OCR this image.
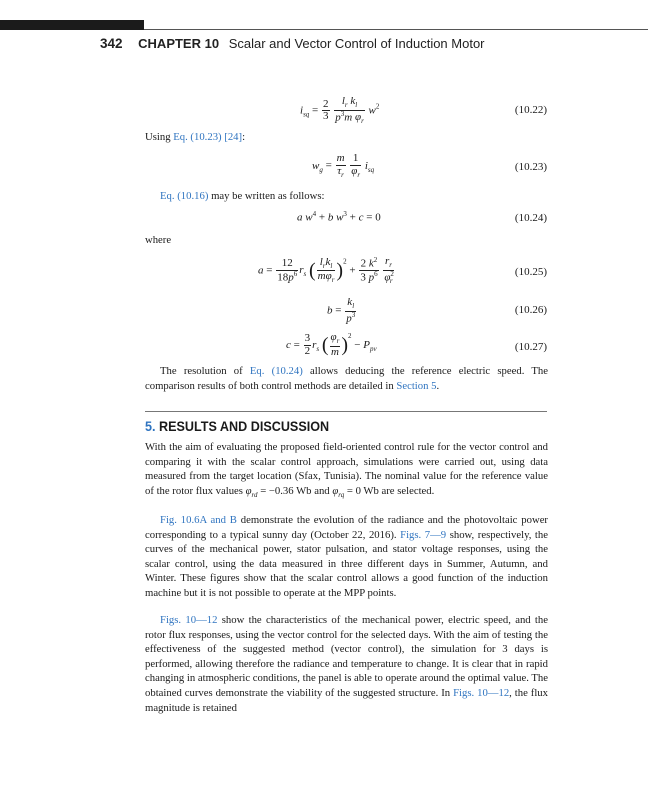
342 CHAPTER 10 Scalar and Vector Control of Induction Motor
$i_{sq} = \frac{2}{3}$
$\frac{l_r k_l}{p^3m \varphi_r} w^2$	(10.22)
Using Eq. (10.23) [24]:
$w_g = \frac{m}{\tau_r}$
$\frac{1}{\varphi_r} i_{sq}$	(10.23)
Eq. (10.16) may be written as follows:
a $w^4 + b$ $w^3 + c = 0$	(10.24)
where
$a = \frac{12}{18p^6} r_s$ ( $\frac{l_rk_l}{m\varphi_r} )^2 + \frac{2 k^2}{3 p^6}$
$\frac{r_r}{\varphi^2_r}$	(10.25)
$b = \frac{k_l}{p^3}$	(10.26)
$c = \frac{3}{2} r_s$ ( $\frac{\varphi_r}{m} )^2 - P_{pv}$	(10.27)
The resolution of Eq. (10.24) allows deducing the reference electric speed. The comparison results of both control methods are detailed in Section 5.
5. RESULTS AND DISCUSSION
With the aim of evaluating the proposed field-oriented control rule for the vector control and comparing it with the scalar control approach, simulations were carried out, using data measured from the target location (Sfax, Tunisia). The nominal value for the reference value of the rotor flux values $\varphi_{rd} = -0.36$ Wb and $\varphi_{rq} = 0$ Wb are selected.
Fig. 10.6A and B demonstrate the evolution of the radiance and the photovoltaic power corresponding to a typical sunny day (October 22, 2016). Figs. 7—9 show, respectively, the curves of the mechanical power, stator pulsation, and stator voltage responses, using the scalar control, using the data measured in three different days in Summer, Autumn, and Winter. These figures show that the scalar control allows a good function of the induction machine but it is not possible to operate at the MPP points.
Figs. 10—12 show the characteristics of the mechanical power, electric speed, and the rotor flux responses, using the vector control for the selected days. With the aim of testing the effectiveness of the suggested method (vector control), the simulation for 3 days is performed, allowing therefore the radiance and temperature to change. It is clear that in rapid changing in atmospheric conditions, the panel is able to operate around the optimal value. The obtained curves demonstrate the viability of the suggested structure. In Figs. 10—12, the flux magnitude is retained
